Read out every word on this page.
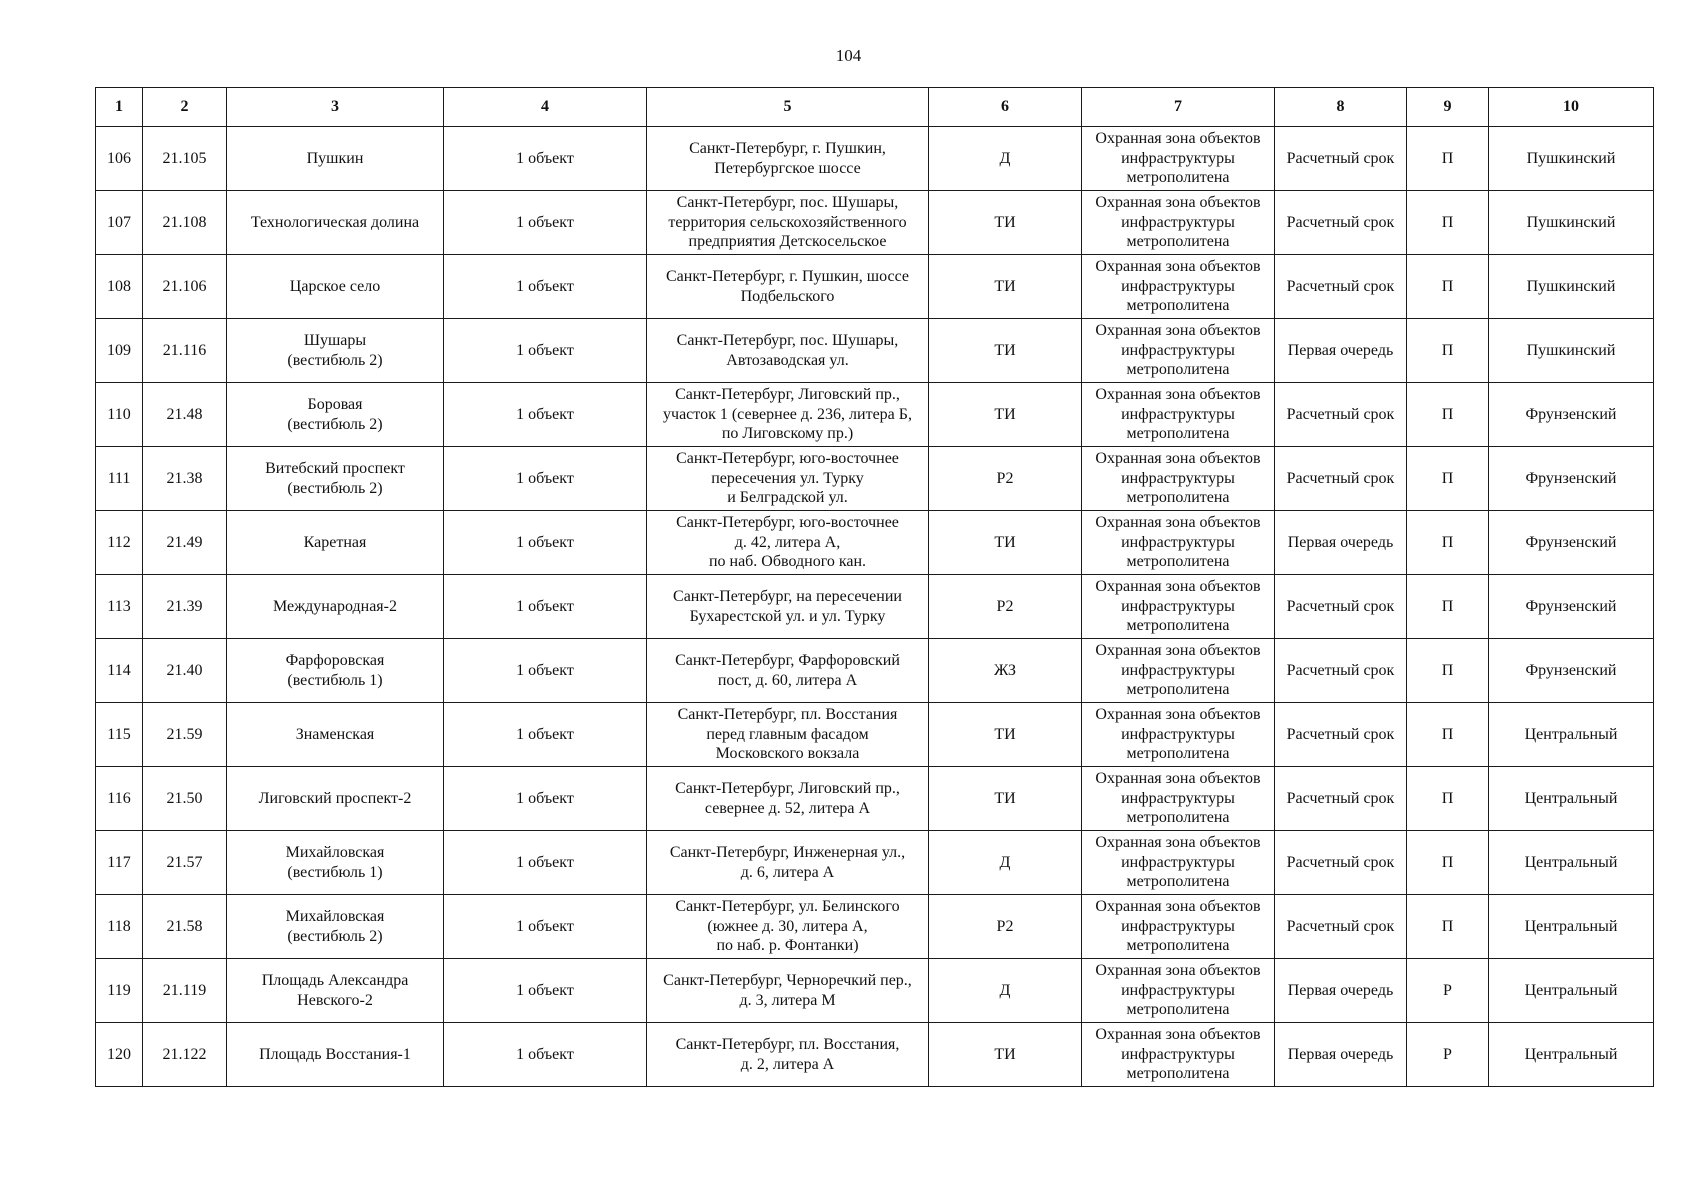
104
1	2	3	4	5	6	7	8	9	10
106	21.105	Пушкин	1 объект	Санкт-Петербург, г. Пушкин,
Петербургское шоссе	Д	Охранная зона объектов
инфраструктуры
метрополитена	Расчетный срок	П	Пушкинский
107	21.108	Технологическая долина	1 объект	Санкт-Петербург, пос. Шушары,
территория сельскохозяйственного
предприятия Детскосельское	ТИ	Охранная зона объектов
инфраструктуры
метрополитена	Расчетный срок	П	Пушкинский
108	21.106	Царское село	1 объект	Санкт-Петербург, г. Пушкин, шоссе
Подбельского	ТИ	Охранная зона объектов
инфраструктуры
метрополитена	Расчетный срок	П	Пушкинский
109	21.116	Шушары
(вестибюль 2)	1 объект	Санкт-Петербург, пос. Шушары,
Автозаводская ул.	ТИ	Охранная зона объектов
инфраструктуры
метрополитена	Первая очередь	П	Пушкинский
110	21.48	Боровая
(вестибюль 2)	1 объект	Санкт-Петербург, Лиговский пр.,
участок 1 (севернее д. 236, литера Б,
по Лиговскому пр.)	ТИ	Охранная зона объектов
инфраструктуры
метрополитена	Расчетный срок	П	Фрунзенский
111	21.38	Витебский проспект
(вестибюль 2)	1 объект	Санкт-Петербург, юго-восточнее
пересечения ул. Турку
и Белградской ул.	Р2	Охранная зона объектов
инфраструктуры
метрополитена	Расчетный срок	П	Фрунзенский
112	21.49	Каретная	1 объект	Санкт-Петербург, юго-восточнее
д. 42, литера А,
по наб. Обводного кан.	ТИ	Охранная зона объектов
инфраструктуры
метрополитена	Первая очередь	П	Фрунзенский
113	21.39	Международная-2	1 объект	Санкт-Петербург, на пересечении
Бухарестской ул. и ул. Турку	Р2	Охранная зона объектов
инфраструктуры
метрополитена	Расчетный срок	П	Фрунзенский
114	21.40	Фарфоровская
(вестибюль 1)	1 объект	Санкт-Петербург, Фарфоровский
пост, д. 60, литера А	ЖЗ	Охранная зона объектов
инфраструктуры
метрополитена	Расчетный срок	П	Фрунзенский
115	21.59	Знаменская	1 объект	Санкт-Петербург, пл. Восстания
перед главным фасадом
Московского вокзала	ТИ	Охранная зона объектов
инфраструктуры
метрополитена	Расчетный срок	П	Центральный
116	21.50	Лиговский проспект-2	1 объект	Санкт-Петербург, Лиговский пр.,
севернее д. 52, литера А	ТИ	Охранная зона объектов
инфраструктуры
метрополитена	Расчетный срок	П	Центральный
117	21.57	Михайловская
(вестибюль 1)	1 объект	Санкт-Петербург, Инженерная ул.,
д. 6, литера А	Д	Охранная зона объектов
инфраструктуры
метрополитена	Расчетный срок	П	Центральный
118	21.58	Михайловская
(вестибюль 2)	1 объект	Санкт-Петербург, ул. Белинского
(южнее д. 30, литера А,
по наб. р. Фонтанки)	Р2	Охранная зона объектов
инфраструктуры
метрополитена	Расчетный срок	П	Центральный
119	21.119	Площадь Александра
Невского-2	1 объект	Санкт-Петербург, Черноречкий пер.,
д. 3, литера М	Д	Охранная зона объектов
инфраструктуры
метрополитена	Первая очередь	Р	Центральный
120	21.122	Площадь Восстания-1	1 объект	Санкт-Петербург, пл. Восстания,
д. 2, литера А	ТИ	Охранная зона объектов
инфраструктуры
метрополитена	Первая очередь	Р	Центральный
